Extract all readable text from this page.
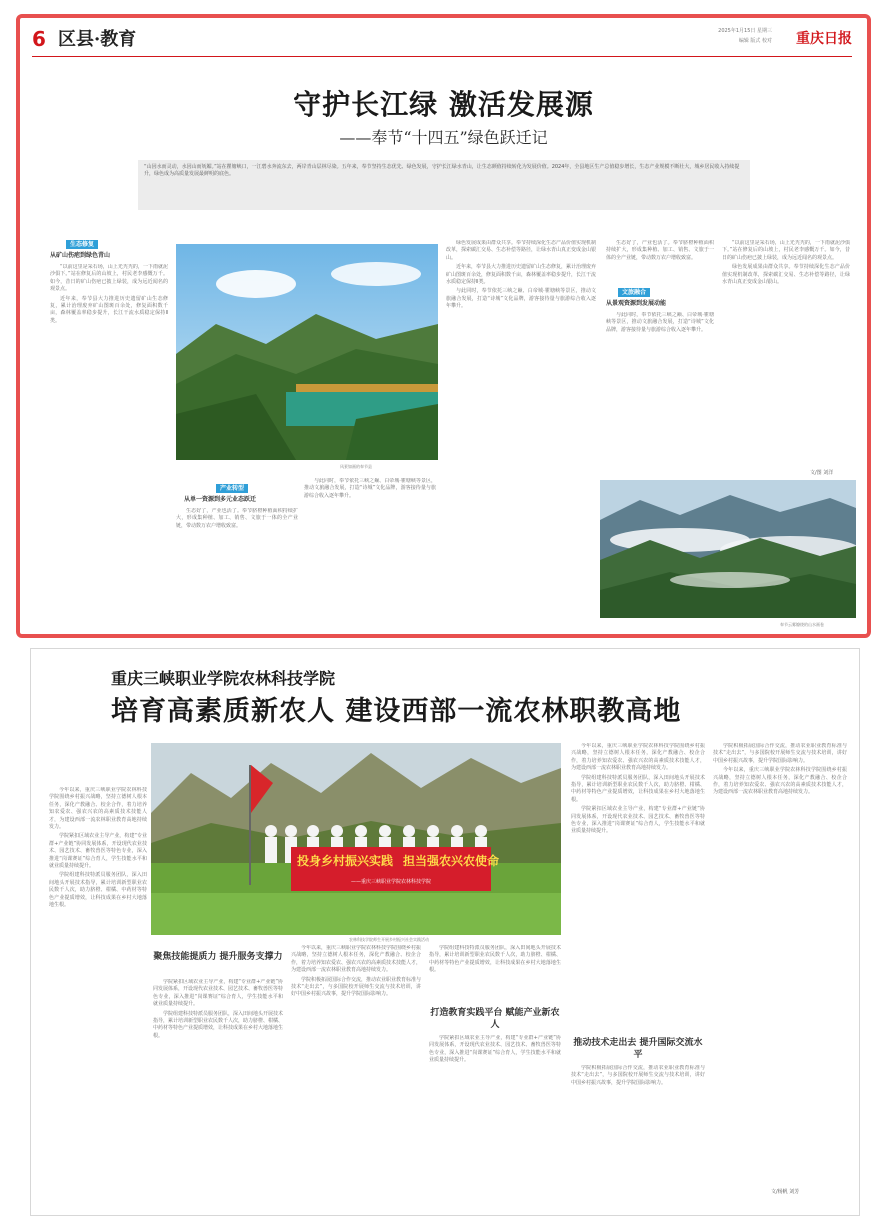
6 区县·教育	2025年1月15日 星期三
编辑 版式 校对 重庆日报
守护长江绿 激活发展源
——奉节“十四五”绿色跃迁记
“山因水而灵动，水因山而妩媚。”站在瞿塘峡口，一江碧水奔流东去，两岸青山层林尽染。五年来，奉节坚持生态优先、绿色发展，守护长江绿水青山，让生态颜值持续转化为发展价值。2024年，全县地区生产总值稳步增长，生态产业规模不断壮大，城乡居民收入持续提升，绿色成为高质量发展最鲜明的底色。
生态修复
从矿山伤疤到绿色青山

“以前这里是采石场，山上光秃秃的，一下雨就泥沙俱下。”站在修复后的山坡上，村民老李感慨万千。如今，昔日的矿山伤疤已披上绿装，成为远近闻名的观景点。

近年来，奉节县大力推进历史遗留矿山生态修复，累计治理废弃矿山图斑百余处，修复面积数千亩，森林覆盖率稳步提升，长江干流水质稳定保持Ⅱ类。

风景如画的奉节县
产业转型
从单一资源到多元业态跃迁

生态好了，产业也活了。奉节脐橙种植面积持续扩大，形成集种植、加工、销售、文旅于一体的全产业链，带动数万农户增收致富。

与此同时，奉节依托三峡之巅、白帝城·瞿塘峡等景区，推动文旅融合发展，打造“诗城”文化品牌，游客接待量与旅游综合收入逐年攀升。

绿色发展成果由群众共享。奉节持续深化生态产品价值实现机制改革，探索碳汇交易、生态补偿等路径，让绿水青山真正变成金山银山。

近年来，奉节县大力推进历史遗留矿山生态修复，累计治理废弃矿山图斑百余处，修复面积数千亩，森林覆盖率稳步提升，长江干流水质稳定保持Ⅱ类。

与此同时，奉节依托三峡之巅、白帝城·瞿塘峡等景区，推动文旅融合发展，打造“诗城”文化品牌，游客接待量与旅游综合收入逐年攀升。

生态好了，产业也活了。奉节脐橙种植面积持续扩大，形成集种植、加工、销售、文旅于一体的全产业链，带动数万农户增收致富。

文旅融合
从景观资源到发展动能

与此同时，奉节依托三峡之巅、白帝城·瞿塘峡等景区，推动文旅融合发展，打造“诗城”文化品牌，游客接待量与旅游综合收入逐年攀升。

“以前这里是采石场，山上光秃秃的，一下雨就泥沙俱下。”站在修复后的山坡上，村民老李感慨万千。如今，昔日的矿山伤疤已披上绿装，成为远近闻名的观景点。

绿色发展成果由群众共享。奉节持续深化生态产品价值实现机制改革，探索碳汇交易、生态补偿等路径，让绿水青山真正变成金山银山。

文/图 刘洋
奉节云雾缭绕的山水画卷
重庆三峡职业学院农林科技学院
培育高素质新农人 建设西部一流农林职教高地

今年以来，重庆三峡职业学院农林科技学院围绕乡村振兴战略，坚持立德树人根本任务，深化产教融合、校企合作，着力培养知农爱农、强农兴农的高素质技术技能人才，为建设西部一流农林职业教育高地持续发力。

学院紧扣区域农业主导产业，构建“专业群+产业链”协同发展体系，开设现代农业技术、园艺技术、畜牧兽医等特色专业，深入推进“岗课赛证”综合育人，学生技能水平和就业质量持续提升。

学院组建科技特派员服务团队，深入田间地头开展技术指导，累计培训新型职业农民数千人次，助力脐橙、柑橘、中药材等特色产业提质增效，让科技成果在乡村大地落地生根。

投身乡村振兴实践 担当强农兴农使命
——重庆三峡职业学院农林科技学院
农林科技学院师生开展乡村振兴社会实践活动
聚焦技能提质力 提升服务支撑力

学院紧扣区域农业主导产业，构建“专业群+产业链”协同发展体系，开设现代农业技术、园艺技术、畜牧兽医等特色专业，深入推进“岗课赛证”综合育人，学生技能水平和就业质量持续提升。

学院组建科技特派员服务团队，深入田间地头开展技术指导，累计培训新型职业农民数千人次，助力脐橙、柑橘、中药材等特色产业提质增效，让科技成果在乡村大地落地生根。

今年以来，重庆三峡职业学院农林科技学院围绕乡村振兴战略，坚持立德树人根本任务，深化产教融合、校企合作，着力培养知农爱农、强农兴农的高素质技术技能人才，为建设西部一流农林职业教育高地持续发力。

学院积极拓展国际合作交流，推动农业职业教育标准与技术“走出去”，与多国院校开展师生交流与技术培训，讲好中国乡村振兴故事，提升学院国际影响力。

学院组建科技特派员服务团队，深入田间地头开展技术指导，累计培训新型职业农民数千人次，助力脐橙、柑橘、中药材等特色产业提质增效，让科技成果在乡村大地落地生根。

打造教育实践平台 赋能产业新农人

学院紧扣区域农业主导产业，构建“专业群+产业链”协同发展体系，开设现代农业技术、园艺技术、畜牧兽医等特色专业，深入推进“岗课赛证”综合育人，学生技能水平和就业质量持续提升。

今年以来，重庆三峡职业学院农林科技学院围绕乡村振兴战略，坚持立德树人根本任务，深化产教融合、校企合作，着力培养知农爱农、强农兴农的高素质技术技能人才，为建设西部一流农林职业教育高地持续发力。

学院组建科技特派员服务团队，深入田间地头开展技术指导，累计培训新型职业农民数千人次，助力脐橙、柑橘、中药材等特色产业提质增效，让科技成果在乡村大地落地生根。

学院紧扣区域农业主导产业，构建“专业群+产业链”协同发展体系，开设现代农业技术、园艺技术、畜牧兽医等特色专业，深入推进“岗课赛证”综合育人，学生技能水平和就业质量持续提升。

推动技术走出去 提升国际交流水平

学院积极拓展国际合作交流，推动农业职业教育标准与技术“走出去”，与多国院校开展师生交流与技术培训，讲好中国乡村振兴故事，提升学院国际影响力。

学院积极拓展国际合作交流，推动农业职业教育标准与技术“走出去”，与多国院校开展师生交流与技术培训，讲好中国乡村振兴故事，提升学院国际影响力。

今年以来，重庆三峡职业学院农林科技学院围绕乡村振兴战略，坚持立德树人根本任务，深化产教融合、校企合作，着力培养知农爱农、强农兴农的高素质技术技能人才，为建设西部一流农林职业教育高地持续发力。

文/杨帆 刘芳
